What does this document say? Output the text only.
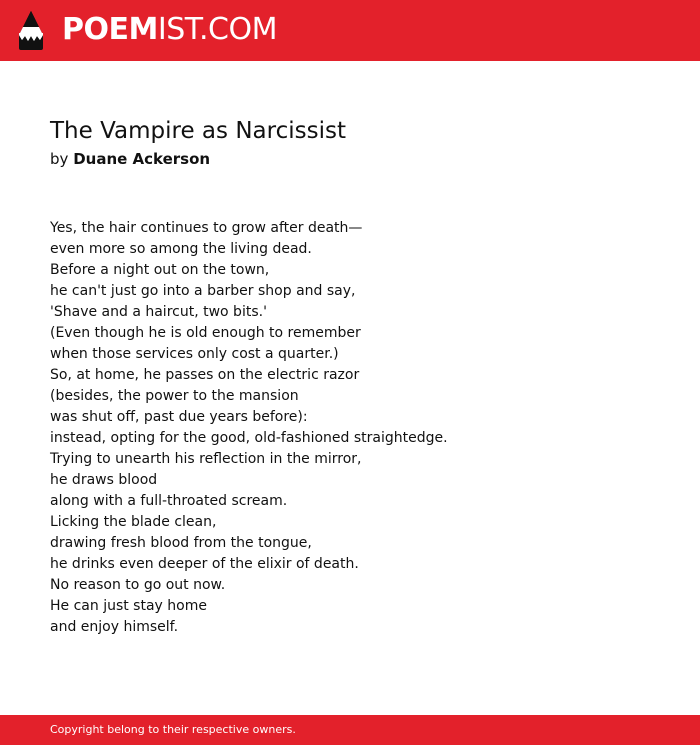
POEMIST.COM
The Vampire as Narcissist
by Duane Ackerson
Yes, the hair continues to grow after death—
even more so among the living dead.
Before a night out on the town,
he can't just go into a barber shop and say,
'Shave and a haircut, two bits.'
(Even though he is old enough to remember
when those services only cost a quarter.)
So, at home, he passes on the electric razor
(besides, the power to the mansion
was shut off, past due years before):
instead, opting for the good, old-fashioned straightedge.
Trying to unearth his reflection in the mirror,
he draws blood
along with a full-throated scream.
Licking the blade clean,
drawing fresh blood from the tongue,
he drinks even deeper of the elixir of death.
No reason to go out now.
He can just stay home
and enjoy himself.
Copyright belong to their respective owners.
